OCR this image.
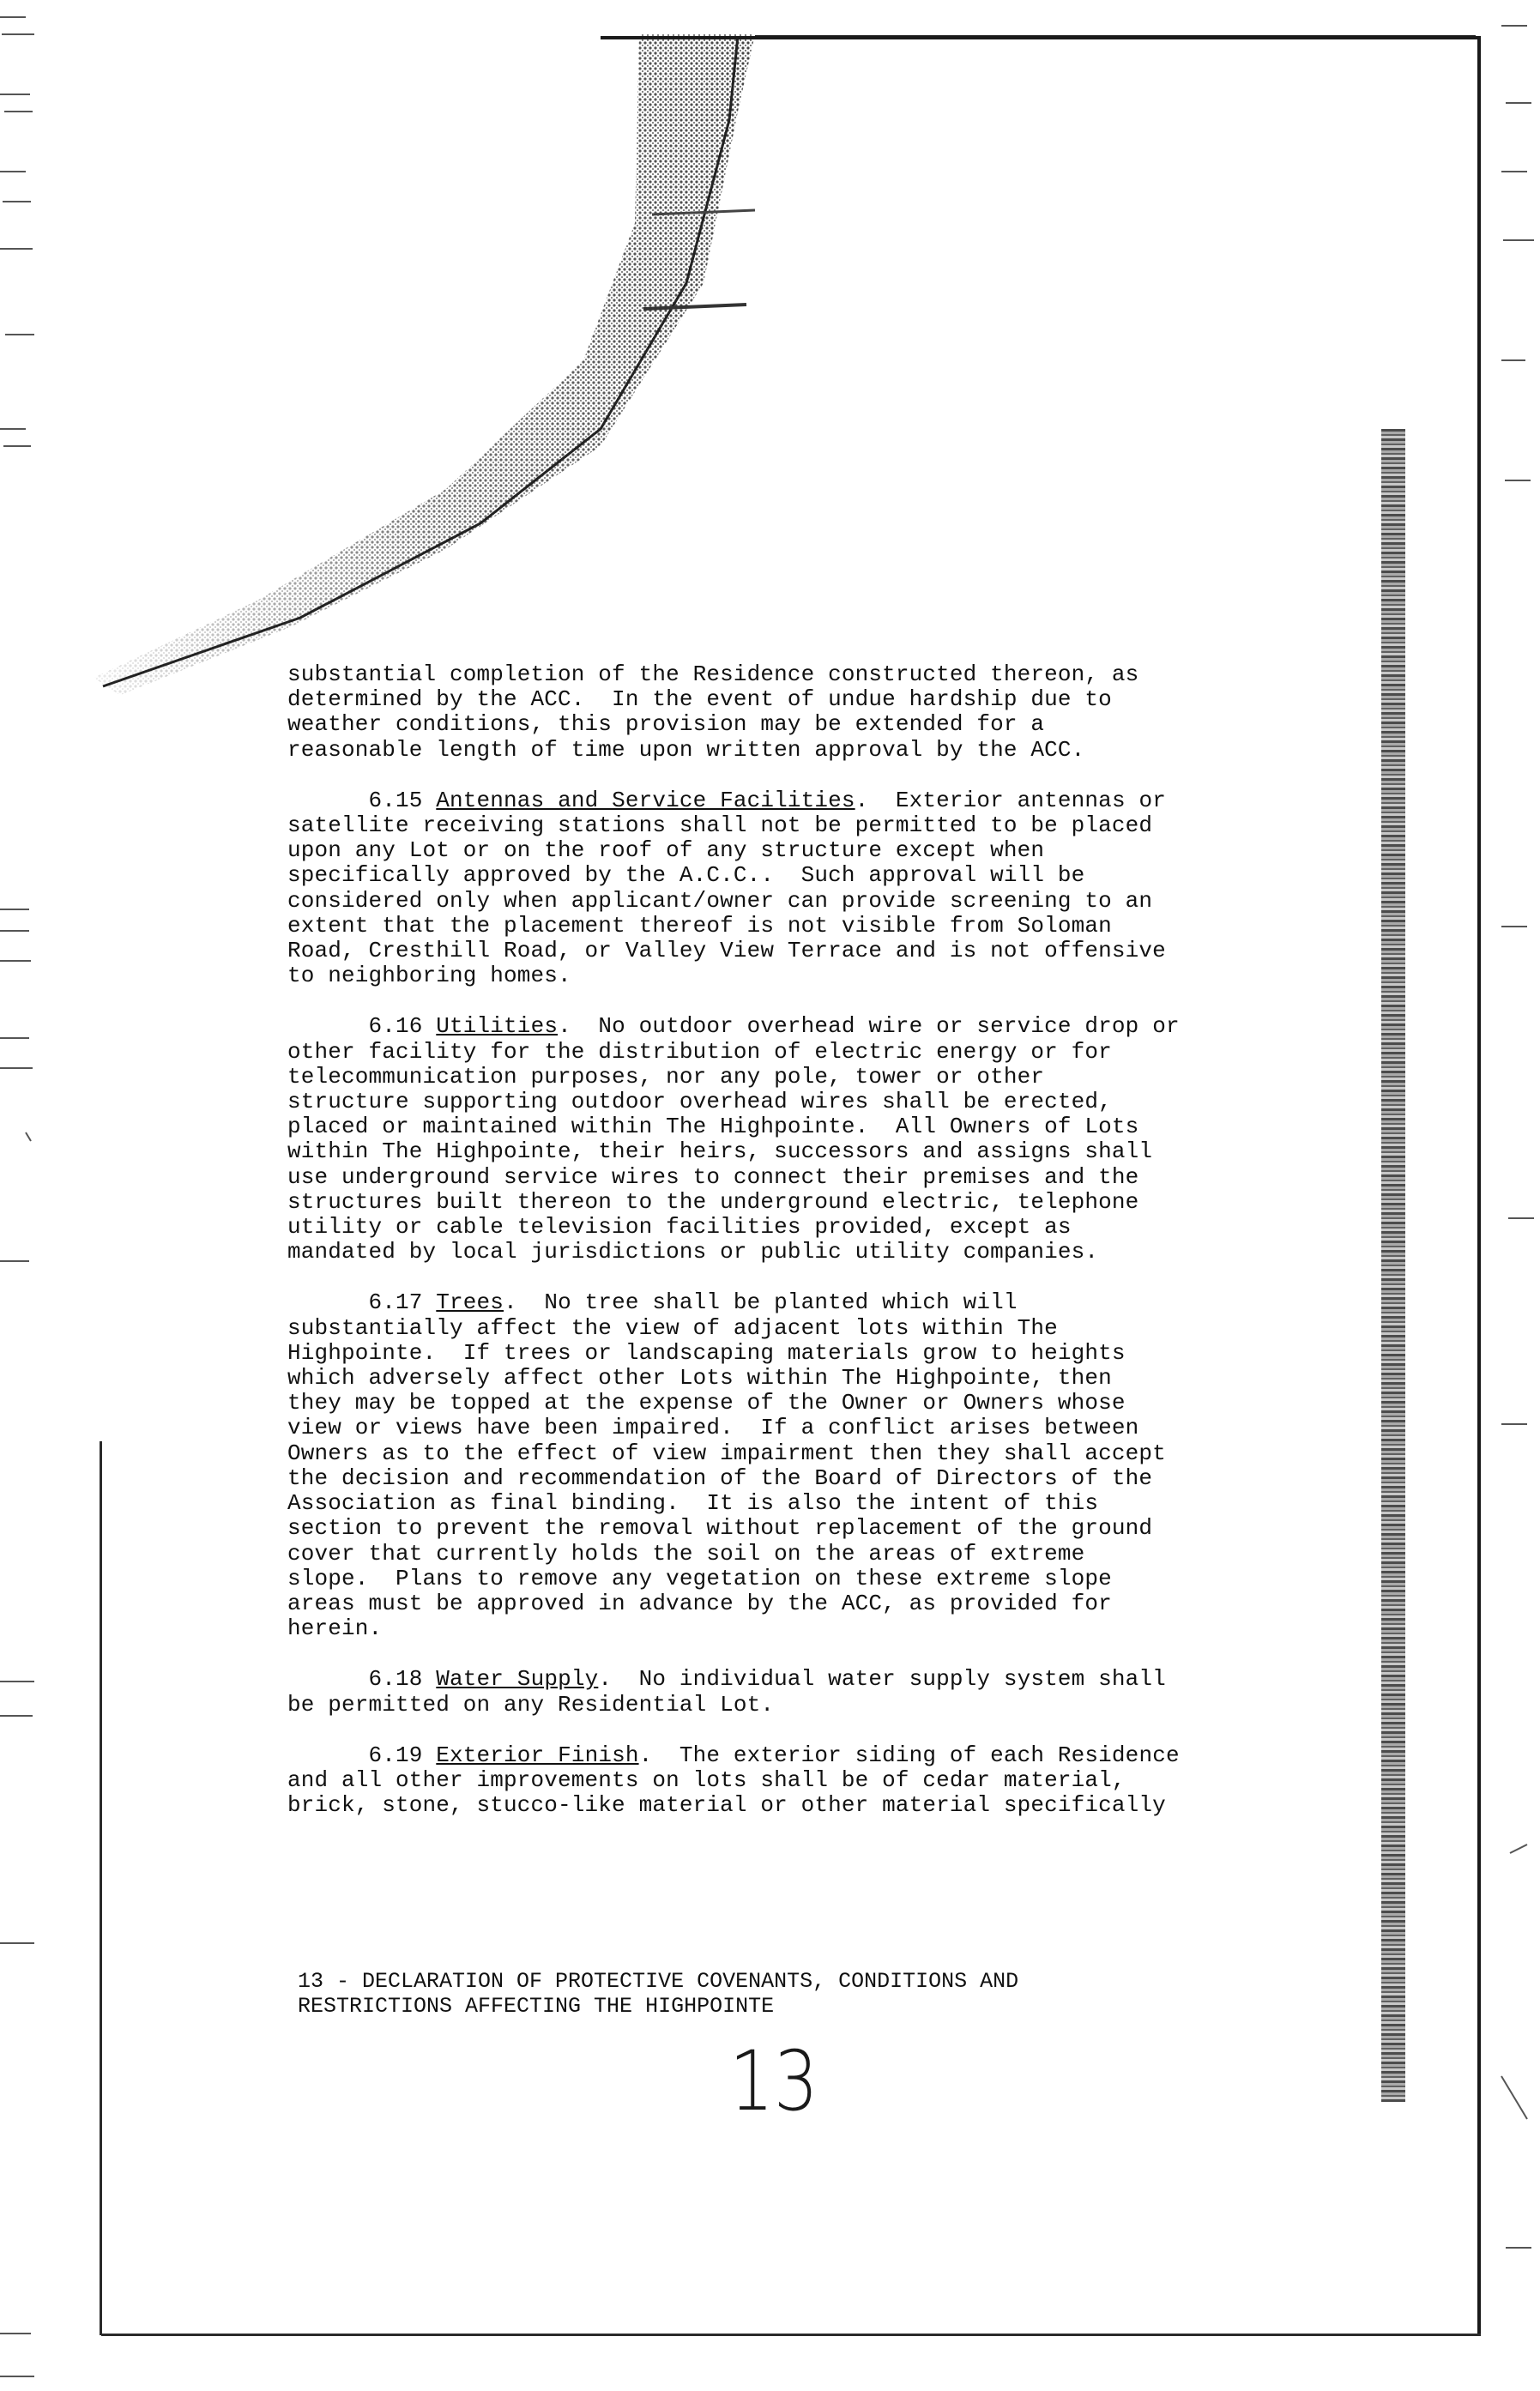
substantial completion of the Residence constructed thereon, as
determined by the ACC.  In the event of undue hardship due to
weather conditions, this provision may be extended for a
reasonable length of time upon written approval by the ACC.
6.15 Antennas and Service Facilities.  Exterior antennas or
satellite receiving stations shall not be permitted to be placed
upon any Lot or on the roof of any structure except when
specifically approved by the A.C.C..  Such approval will be
considered only when applicant/owner can provide screening to an
extent that the placement thereof is not visible from Soloman
Road, Cresthill Road, or Valley View Terrace and is not offensive
to neighboring homes.
6.16 Utilities.  No outdoor overhead wire or service drop or
other facility for the distribution of electric energy or for
telecommunication purposes, nor any pole, tower or other
structure supporting outdoor overhead wires shall be erected,
placed or maintained within The Highpointe.  All Owners of Lots
within The Highpointe, their heirs, successors and assigns shall
use underground service wires to connect their premises and the
structures built thereon to the underground electric, telephone
utility or cable television facilities provided, except as
mandated by local jurisdictions or public utility companies.
6.17 Trees.  No tree shall be planted which will
substantially affect the view of adjacent lots within The
Highpointe.  If trees or landscaping materials grow to heights
which adversely affect other Lots within The Highpointe, then
they may be topped at the expense of the Owner or Owners whose
view or views have been impaired.  If a conflict arises between
Owners as to the effect of view impairment then they shall accept
the decision and recommendation of the Board of Directors of the
Association as final binding.  It is also the intent of this
section to prevent the removal without replacement of the ground
cover that currently holds the soil on the areas of extreme
slope.  Plans to remove any vegetation on these extreme slope
areas must be approved in advance by the ACC, as provided for
herein.
6.18 Water Supply.  No individual water supply system shall
be permitted on any Residential Lot.
6.19 Exterior Finish.  The exterior siding of each Residence
and all other improvements on lots shall be of cedar material,
brick, stone, stucco-like material or other material specifically
13 - DECLARATION OF PROTECTIVE COVENANTS, CONDITIONS AND
RESTRICTIONS AFFECTING THE HIGHPOINTE
13
